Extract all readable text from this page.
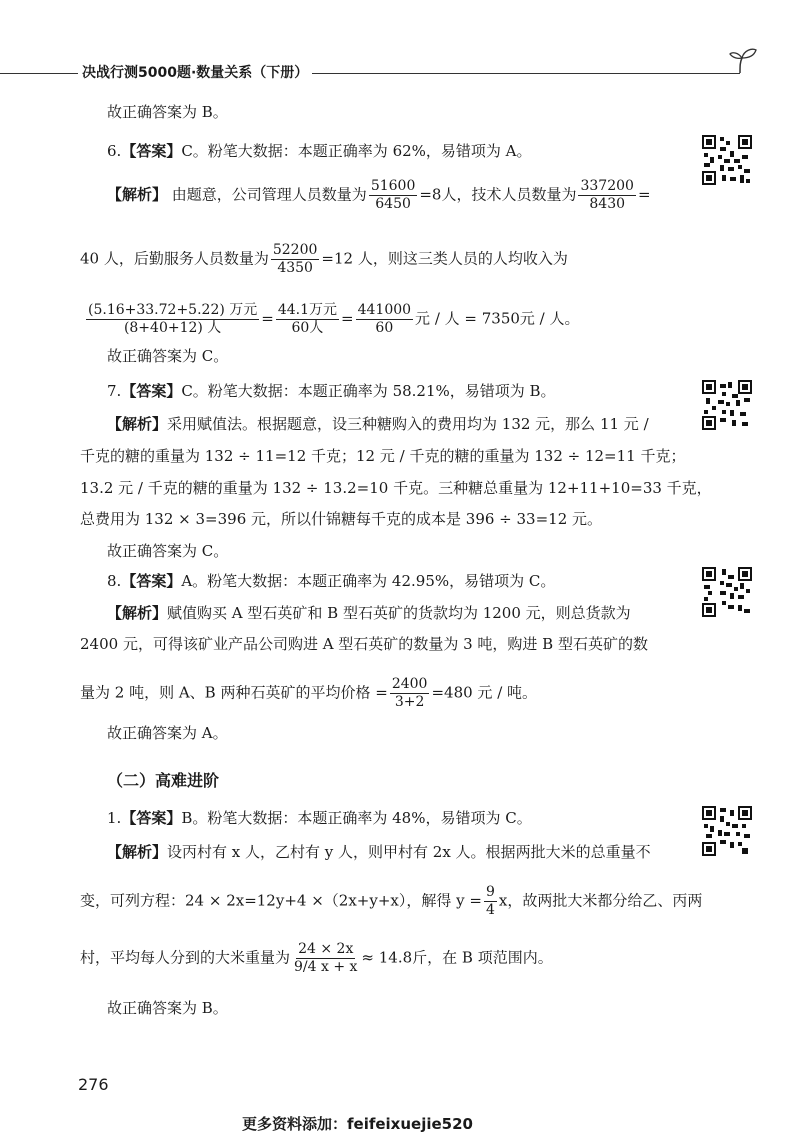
决战行测5000题·数量关系（下册）
故正确答案为 B。
6.【答案】C。粉笔大数据：本题正确率为 62%，易错项为 A。
【解析】 由题意，公司管理人员数量为 $\frac{51600}{6450} =8$人，技术人员数量为 $\frac{337200}{8430}$ =
40 人，后勤服务人员数量为 $\frac{52200}{4350} =12$ 人，则这三类人员的人均收入为
$\frac{\text{(5.16+33.72+5.22) 万元}}{\text{(8+40+12) 人}} = \frac{\text{44.1万元}}{\text{60人}} = \frac{441000}{60}$ 元 / 人 = 7350元 / 人。
故正确答案为 C。
7.【答案】C。粉笔大数据：本题正确率为 58.21%，易错项为 B。
【解析】采用赋值法。根据题意，设三种糖购入的费用均为 132 元，那么 11 元 /
千克的糖的重量为 132 ÷ 11=12 千克；12 元 / 千克的糖的重量为 132 ÷ 12=11 千克；
13.2 元 / 千克的糖的重量为 132 ÷ 13.2=10 千克。三种糖总重量为 12+11+10=33 千克，
总费用为 132 × 3=396 元，所以什锦糖每千克的成本是 396 ÷ 33=12 元。
故正确答案为 C。
8.【答案】A。粉笔大数据：本题正确率为 42.95%，易错项为 C。
【解析】赋值购买 A 型石英矿和 B 型石英矿的货款均为 1200 元，则总货款为
2400 元，可得该矿业产品公司购进 A 型石英矿的数量为 3 吨，购进 B 型石英矿的数
量为 2 吨，则 A、B 两种石英矿的平均价格 = $\frac{2400}{3+2} =480$ 元 / 吨。
故正确答案为 A。
（二）高难进阶
1.【答案】B。粉笔大数据：本题正确率为 48%，易错项为 C。
【解析】设丙村有 x 人，乙村有 y 人，则甲村有 2x 人。根据两批大米的总重量不
变，可列方程：24 × 2x=12y+4 ×（2x+y+x），解得 $y = \frac{9}{4}$ x，故两批大米都分给乙、丙两
村，平均每人分到的大米重量为 $\frac{24 \times 2x}{9/4 x + x} \approx 14.8$斤，在 B 项范围内。
故正确答案为 B。
276
更多资料添加：feifeixuejie520
